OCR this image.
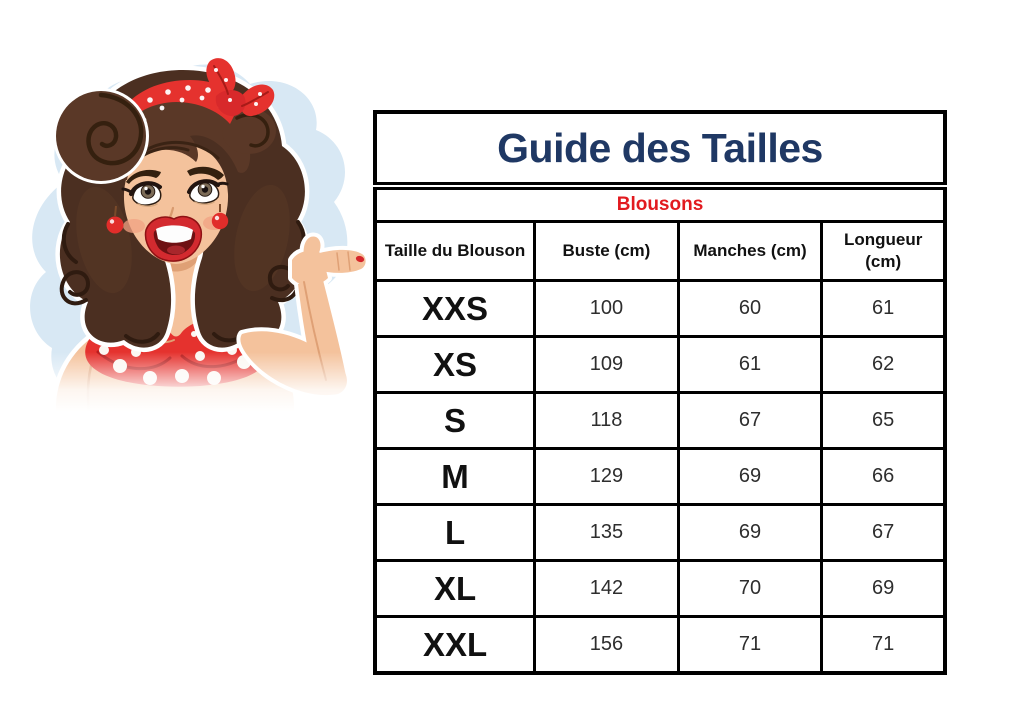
Guide des Tailles			
Blousons			
Taille du Blouson	Buste (cm)	Manches (cm)	Longueur (cm)
XXS	100	60	61
XS	109	61	62
S	118	67	65
M	129	69	66
L	135	69	67
XL	142	70	69
XXL	156	71	71
